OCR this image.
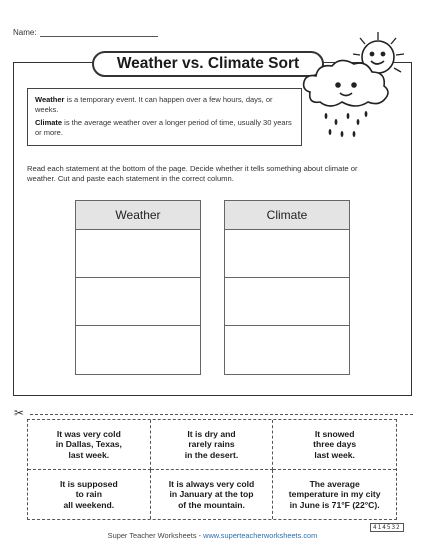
Name:
Weather vs. Climate Sort

Weather is a temporary event. It can happen over a few hours, days, or weeks.

Climate is the average weather over a longer period of time, usually 30 years or more.

Read each statement at the bottom of the page. Decide whether it tells something about climate or weather. Cut and paste each statement in the correct column.
Weather	Climate
✂
It was very cold
in Dallas, Texas,
last week.
It is dry and
rarely rains
in the desert.
It snowed
three days
last week.
It is supposed
to rain
all weekend.
It is always very cold
in January at the top
of the mountain.
The average
temperature in my city
in June is 71°F (22°C).
Super Teacher Worksheets - www.superteacherworksheets.com
414532
